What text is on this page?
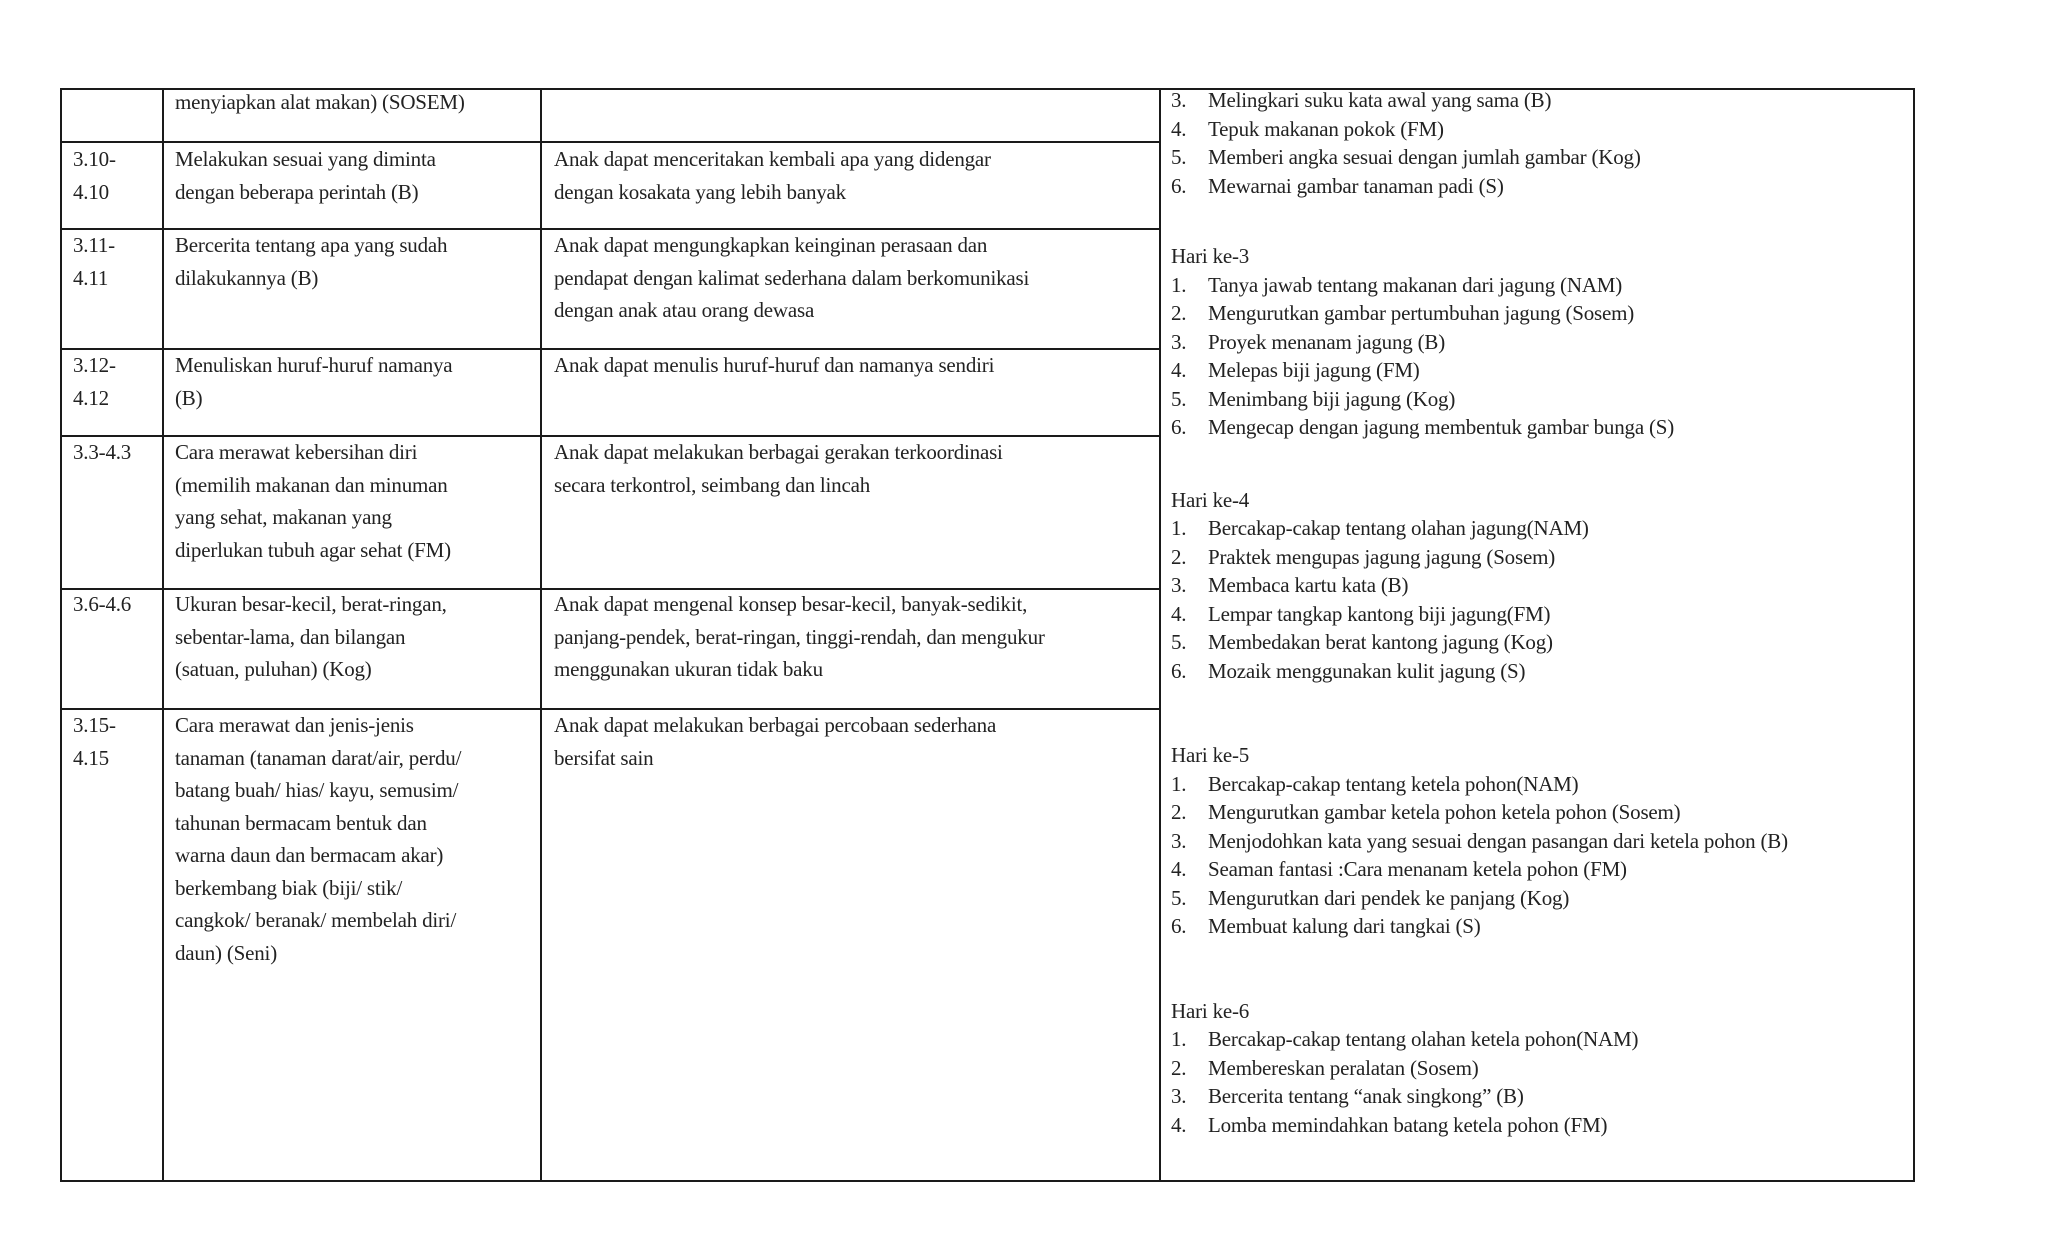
menyiapkan alat makan) (SOSEM)
3.10-
4.10
Melakukan sesuai yang diminta
dengan beberapa perintah (B)
Anak dapat menceritakan kembali apa yang didengar
dengan kosakata yang lebih banyak
3.11-
4.11
Bercerita tentang apa yang sudah
dilakukannya (B)
Anak dapat mengungkapkan keinginan perasaan dan
pendapat dengan kalimat sederhana dalam berkomunikasi
dengan anak atau orang dewasa
3.12-
4.12
Menuliskan huruf-huruf namanya
(B)
Anak dapat menulis huruf-huruf dan namanya sendiri
3.3-4.3 Cara merawat kebersihan diri
(memilih makanan dan minuman
yang sehat, makanan yang
diperlukan tubuh agar sehat (FM)
Anak dapat melakukan berbagai gerakan terkoordinasi
secara terkontrol, seimbang dan lincah
3.6-4.6 Ukuran besar-kecil, berat-ringan,
sebentar-lama, dan bilangan
(satuan, puluhan) (Kog)
Anak dapat mengenal konsep besar-kecil, banyak-sedikit,
panjang-pendek, berat-ringan, tinggi-rendah, dan mengukur
menggunakan ukuran tidak baku
3.15-
4.15
Cara merawat dan jenis-jenis
tanaman (tanaman darat/air, perdu/
batang buah/ hias/ kayu, semusim/
tahunan bermacam bentuk dan
warna daun dan bermacam akar)
berkembang biak (biji/ stik/
cangkok/ beranak/ membelah diri/
daun) (Seni)
Anak dapat melakukan berbagai percobaan sederhana
bersifat sain
3. Melingkari suku kata awal yang sama (B)
4. Tepuk makanan pokok (FM)
5. Memberi angka sesuai dengan jumlah gambar (Kog)
6. Mewarnai gambar tanaman padi (S)
Hari ke-3
1. Tanya jawab tentang makanan dari jagung (NAM)
2. Mengurutkan gambar pertumbuhan jagung (Sosem)
3. Proyek menanam jagung (B)
4. Melepas biji jagung (FM)
5. Menimbang biji jagung (Kog)
6. Mengecap dengan jagung membentuk gambar bunga (S)
Hari ke-4
1. Bercakap-cakap tentang olahan jagung(NAM)
2. Praktek mengupas jagung jagung (Sosem)
3. Membaca kartu kata (B)
4. Lempar tangkap kantong biji jagung(FM)
5. Membedakan berat kantong jagung (Kog)
6. Mozaik menggunakan kulit jagung (S)
Hari ke-5
1. Bercakap-cakap tentang ketela pohon(NAM)
2. Mengurutkan gambar ketela pohon ketela pohon (Sosem)
3. Menjodohkan kata yang sesuai dengan pasangan dari ketela pohon (B)
4. Seaman fantasi :Cara menanam ketela pohon (FM)
5. Mengurutkan dari pendek ke panjang (Kog)
6. Membuat kalung dari tangkai (S)
Hari ke-6
1. Bercakap-cakap tentang olahan ketela pohon(NAM)
2. Membereskan peralatan (Sosem)
3. Bercerita tentang “anak singkong” (B)
4. Lomba memindahkan batang ketela pohon (FM)
